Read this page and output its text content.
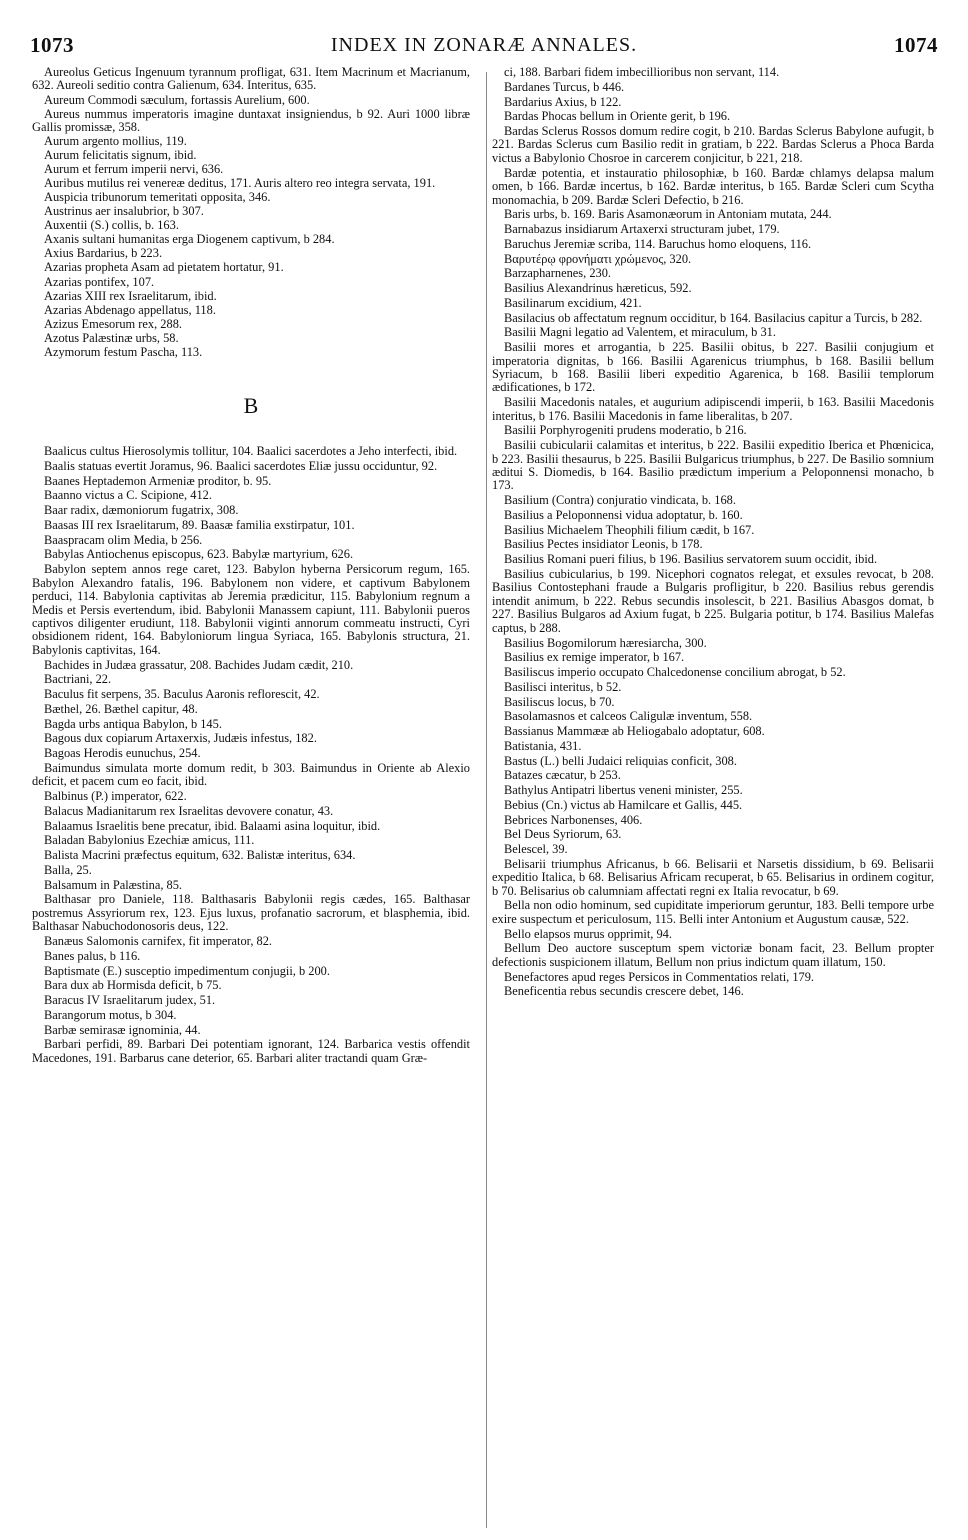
1073	INDEX IN ZONARÆ ANNALES.	1074

Aureolus Geticus Ingenuum tyrannum profligat, 631. Item Macrinum et Macrianum, 632. Aureoli seditio contra Galienum, 634. Interitus, 635.

Aureum Commodi sæculum, fortassis Aurelium, 600.

Aureus nummus imperatoris imagine duntaxat insigniendus, b 92. Auri 1000 libræ Gallis promissæ, 358.

Aurum argento mollius, 119.

Aurum felicitatis signum, ibid.

Aurum et ferrum imperii nervi, 636.

Auribus mutilus rei venereæ deditus, 171. Auris altero reo integra servata, 191.

Auspicia tribunorum temeritati opposita, 346.

Austrinus aer insalubrior, b 307.

Auxentii (S.) collis, b. 163.

Axanis sultani humanitas erga Diogenem captivum, b 284.

Axius Bardarius, b 223.

Azarias propheta Asam ad pietatem hortatur, 91.

Azarias pontifex, 107.

Azarias XIII rex Israelitarum, ibid.

Azarias Abdenago appellatus, 118.

Azizus Emesorum rex, 288.

Azotus Palæstinæ urbs, 58.

Azymorum festum Pascha, 113.

B

Baalicus cultus Hierosolymis tollitur, 104. Baalici sacerdotes a Jeho interfecti, ibid.

Baalis statuas evertit Joramus, 96. Baalici sacerdotes Eliæ jussu occiduntur, 92.

Baanes Heptademon Armeniæ proditor, b. 95.

Baanno victus a C. Scipione, 412.

Baar radix, dæmoniorum fugatrix, 308.

Baasas III rex Israelitarum, 89. Baasæ familia exstirpatur, 101.

Baaspracam olim Media, b 256.

Babylas Antiochenus episcopus, 623. Babylæ martyrium, 626.

Babylon septem annos rege caret, 123. Babylon hyberna Persicorum regum, 165. Babylon Alexandro fatalis, 196. Babylonem non videre, et captivum Babylonem perduci, 114. Babylonia captivitas ab Jeremia prædicitur, 115. Babylonium regnum a Medis et Persis evertendum, ibid. Babylonii Manassem capiunt, 111. Babylonii pueros captivos diligenter erudiunt, 118. Babylonii viginti annorum commeatu instructi, Cyri obsidionem rident, 164. Babyloniorum lingua Syriaca, 165. Babylonis structura, 21. Babylonis captivitas, 164.

Bachides in Judæa grassatur, 208. Bachides Judam cædit, 210.

Bactriani, 22.

Baculus fit serpens, 35. Baculus Aaronis reflorescit, 42.

Bæthel, 26. Bæthel capitur, 48.

Bagda urbs antiqua Babylon, b 145.

Bagous dux copiarum Artaxerxis, Judæis infestus, 182.

Bagoas Herodis eunuchus, 254.

Baimundus simulata morte domum redit, b 303. Baimundus in Oriente ab Alexio deficit, et pacem cum eo facit, ibid.

Balbinus (P.) imperator, 622.

Balacus Madianitarum rex Israelitas devovere conatur, 43.

Balaamus Israelitis bene precatur, ibid. Balaami asina loquitur, ibid.

Baladan Babylonius Ezechiæ amicus, 111.

Balista Macrini præfectus equitum, 632. Balistæ interitus, 634.

Balla, 25.

Balsamum in Palæstina, 85.

Balthasar pro Daniele, 118. Balthasaris Babylonii regis cædes, 165. Balthasar postremus Assyriorum rex, 123. Ejus luxus, profanatio sacrorum, et blasphemia, ibid. Balthasar Nabuchodonosoris deus, 122.

Banæus Salomonis carnifex, fit imperator, 82.

Banes palus, b 116.

Baptismate (E.) susceptio impedimentum conjugii, b 200.

Bara dux ab Hormisda deficit, b 75.

Baracus IV Israelitarum judex, 51.

Barangorum motus, b 304.

Barbæ semirasæ ignominia, 44.

Barbari perfidi, 89. Barbari Dei potentiam ignorant, 124. Barbarica vestis offendit Macedones, 191. Barbarus cane deterior, 65. Barbari aliter tractandi quam Græ-

ci, 188. Barbari fidem imbecillioribus non servant, 114.

Bardanes Turcus, b 446.

Bardarius Axius, b 122.

Bardas Phocas bellum in Oriente gerit, b 196.

Bardas Sclerus Rossos domum redire cogit, b 210. Bardas Sclerus Babylone aufugit, b 221. Bardas Sclerus cum Basilio redit in gratiam, b 222. Bardas Sclerus a Phoca Barda victus a Babylonio Chosroe in carcerem conjicitur, b 221, 218.

Bardæ potentia, et instauratio philosophiæ, b 160. Bardæ chlamys delapsa malum omen, b 166. Bardæ incertus, b 162. Bardæ interitus, b 165. Bardæ Scleri cum Scytha monomachia, b 209. Bardæ Scleri Defectio, b 216.

Baris urbs, b. 169. Baris Asamonæorum in Antoniam mutata, 244.

Barnabazus insidiarum Artaxerxi structuram jubet, 179.

Baruchus Jeremiæ scriba, 114. Baruchus homo eloquens, 116.

Βαρυτέρῳ φρονήματι χρώμενος, 320.

Barzapharnenes, 230.

Basilius Alexandrinus hæreticus, 592.

Basilinarum excidium, 421.

Basilacius ob affectatum regnum occiditur, b 164. Basilacius capitur a Turcis, b 282.

Basilii Magni legatio ad Valentem, et miraculum, b 31.

Basilii mores et arrogantia, b 225. Basilii obitus, b 227. Basilii conjugium et imperatoria dignitas, b 166. Basilii Agarenicus triumphus, b 168. Basilii bellum Syriacum, b 168. Basilii liberi expeditio Agarenica, b 168. Basilii templorum ædificationes, b 172.

Basilii Macedonis natales, et augurium adipiscendi imperii, b 163. Basilii Macedonis interitus, b 176. Basilii Macedonis in fame liberalitas, b 207.

Basilii Porphyrogeniti prudens moderatio, b 216.

Basilii cubicularii calamitas et interitus, b 222. Basilii expeditio Iberica et Phœnicica, b 223. Basilii thesaurus, b 225. Basilii Bulgaricus triumphus, b 227. De Basilio somnium æditui S. Diomedis, b 164. Basilio prædictum imperium a Peloponnensi monacho, b 173.

Basilium (Contra) conjuratio vindicata, b. 168.

Basilius a Peloponnensi vidua adoptatur, b. 160.

Basilius Michaelem Theophili filium cædit, b 167.

Basilius Pectes insidiator Leonis, b 178.

Basilius Romani pueri filius, b 196. Basilius servatorem suum occidit, ibid.

Basilius cubicularius, b 199. Nicephori cognatos relegat, et exsules revocat, b 208. Basilius Contostephani fraude a Bulgaris profligitur, b 220. Basilius rebus gerendis intendit animum, b 222. Rebus secundis insolescit, b 221. Basilius Abasgos domat, b 227. Basilius Bulgaros ad Axium fugat, b 225. Bulgaria potitur, b 174. Basilius Malefas captus, b 288.

Basilius Bogomilorum hæresiarcha, 300.

Basilius ex remige imperator, b 167.

Basiliscus imperio occupato Chalcedonense concilium abrogat, b 52.

Basilisci interitus, b 52.

Basiliscus locus, b 70.

Basolamasnos et calceos Caligulæ inventum, 558.

Bassianus Mammææ ab Heliogabalo adoptatur, 608.

Batistania, 431.

Bastus (L.) belli Judaici reliquias conficit, 308.

Batazes cæcatur, b 253.

Bathylus Antipatri libertus veneni minister, 255.

Bebius (Cn.) victus ab Hamilcare et Gallis, 445.

Bebrices Narbonenses, 406.

Bel Deus Syriorum, 63.

Belescel, 39.

Belisarii triumphus Africanus, b 66. Belisarii et Narsetis dissidium, b 69. Belisarii expeditio Italica, b 68. Belisarius Africam recuperat, b 65. Belisarius in ordinem cogitur, b 70. Belisarius ob calumniam affectati regni ex Italia revocatur, b 69.

Bella non odio hominum, sed cupiditate imperiorum geruntur, 183. Belli tempore urbe exire suspectum et periculosum, 115. Belli inter Antonium et Augustum causæ, 522.

Bello elapsos murus opprimit, 94.

Bellum Deo auctore susceptum spem victoriæ bonam facit, 23. Bellum propter defectionis suspicionem illatum, Bellum non prius indictum quam illatum, 150.

Benefactores apud reges Persicos in Commentatios relati, 179.

Beneficentia rebus secundis crescere debet, 146.
